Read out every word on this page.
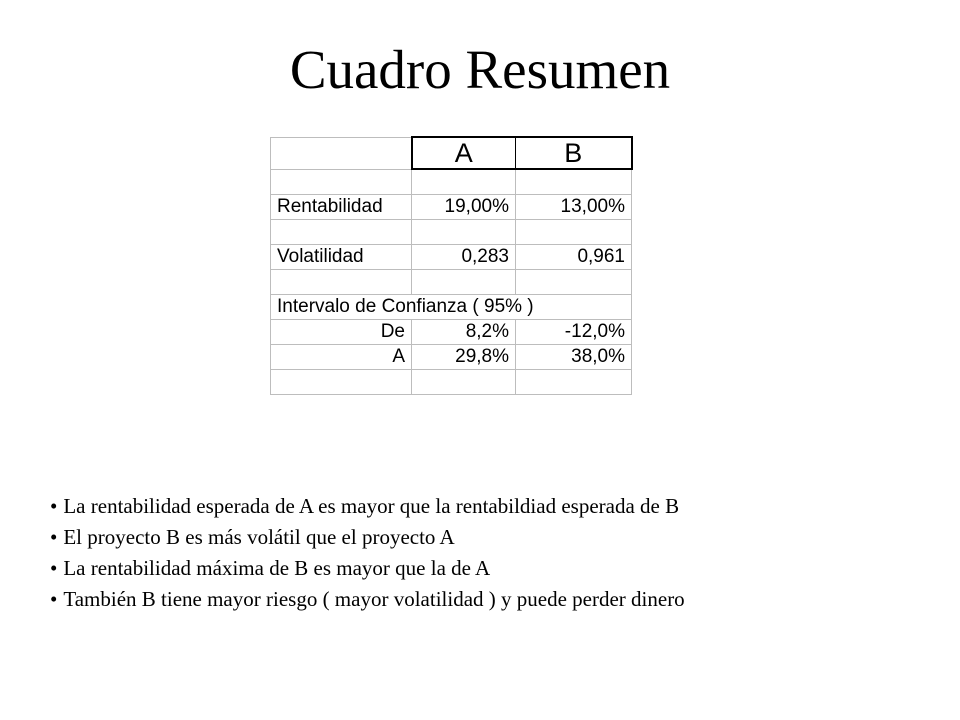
Cuadro Resumen
	A	B

Rentabilidad	19,00%	13,00%

Volatilidad	0,283	0,961

Intervalo de Confianza ( 95% )		
De	8,2%	-12,0%
A	29,8%	38,0%

• La rentabilidad esperada de A es mayor que la rentabildiad esperada de B
• El proyecto B es más volátil que el proyecto A
• La rentabilidad máxima de B es mayor que la de A
• También B tiene mayor riesgo ( mayor volatilidad ) y puede perder dinero
